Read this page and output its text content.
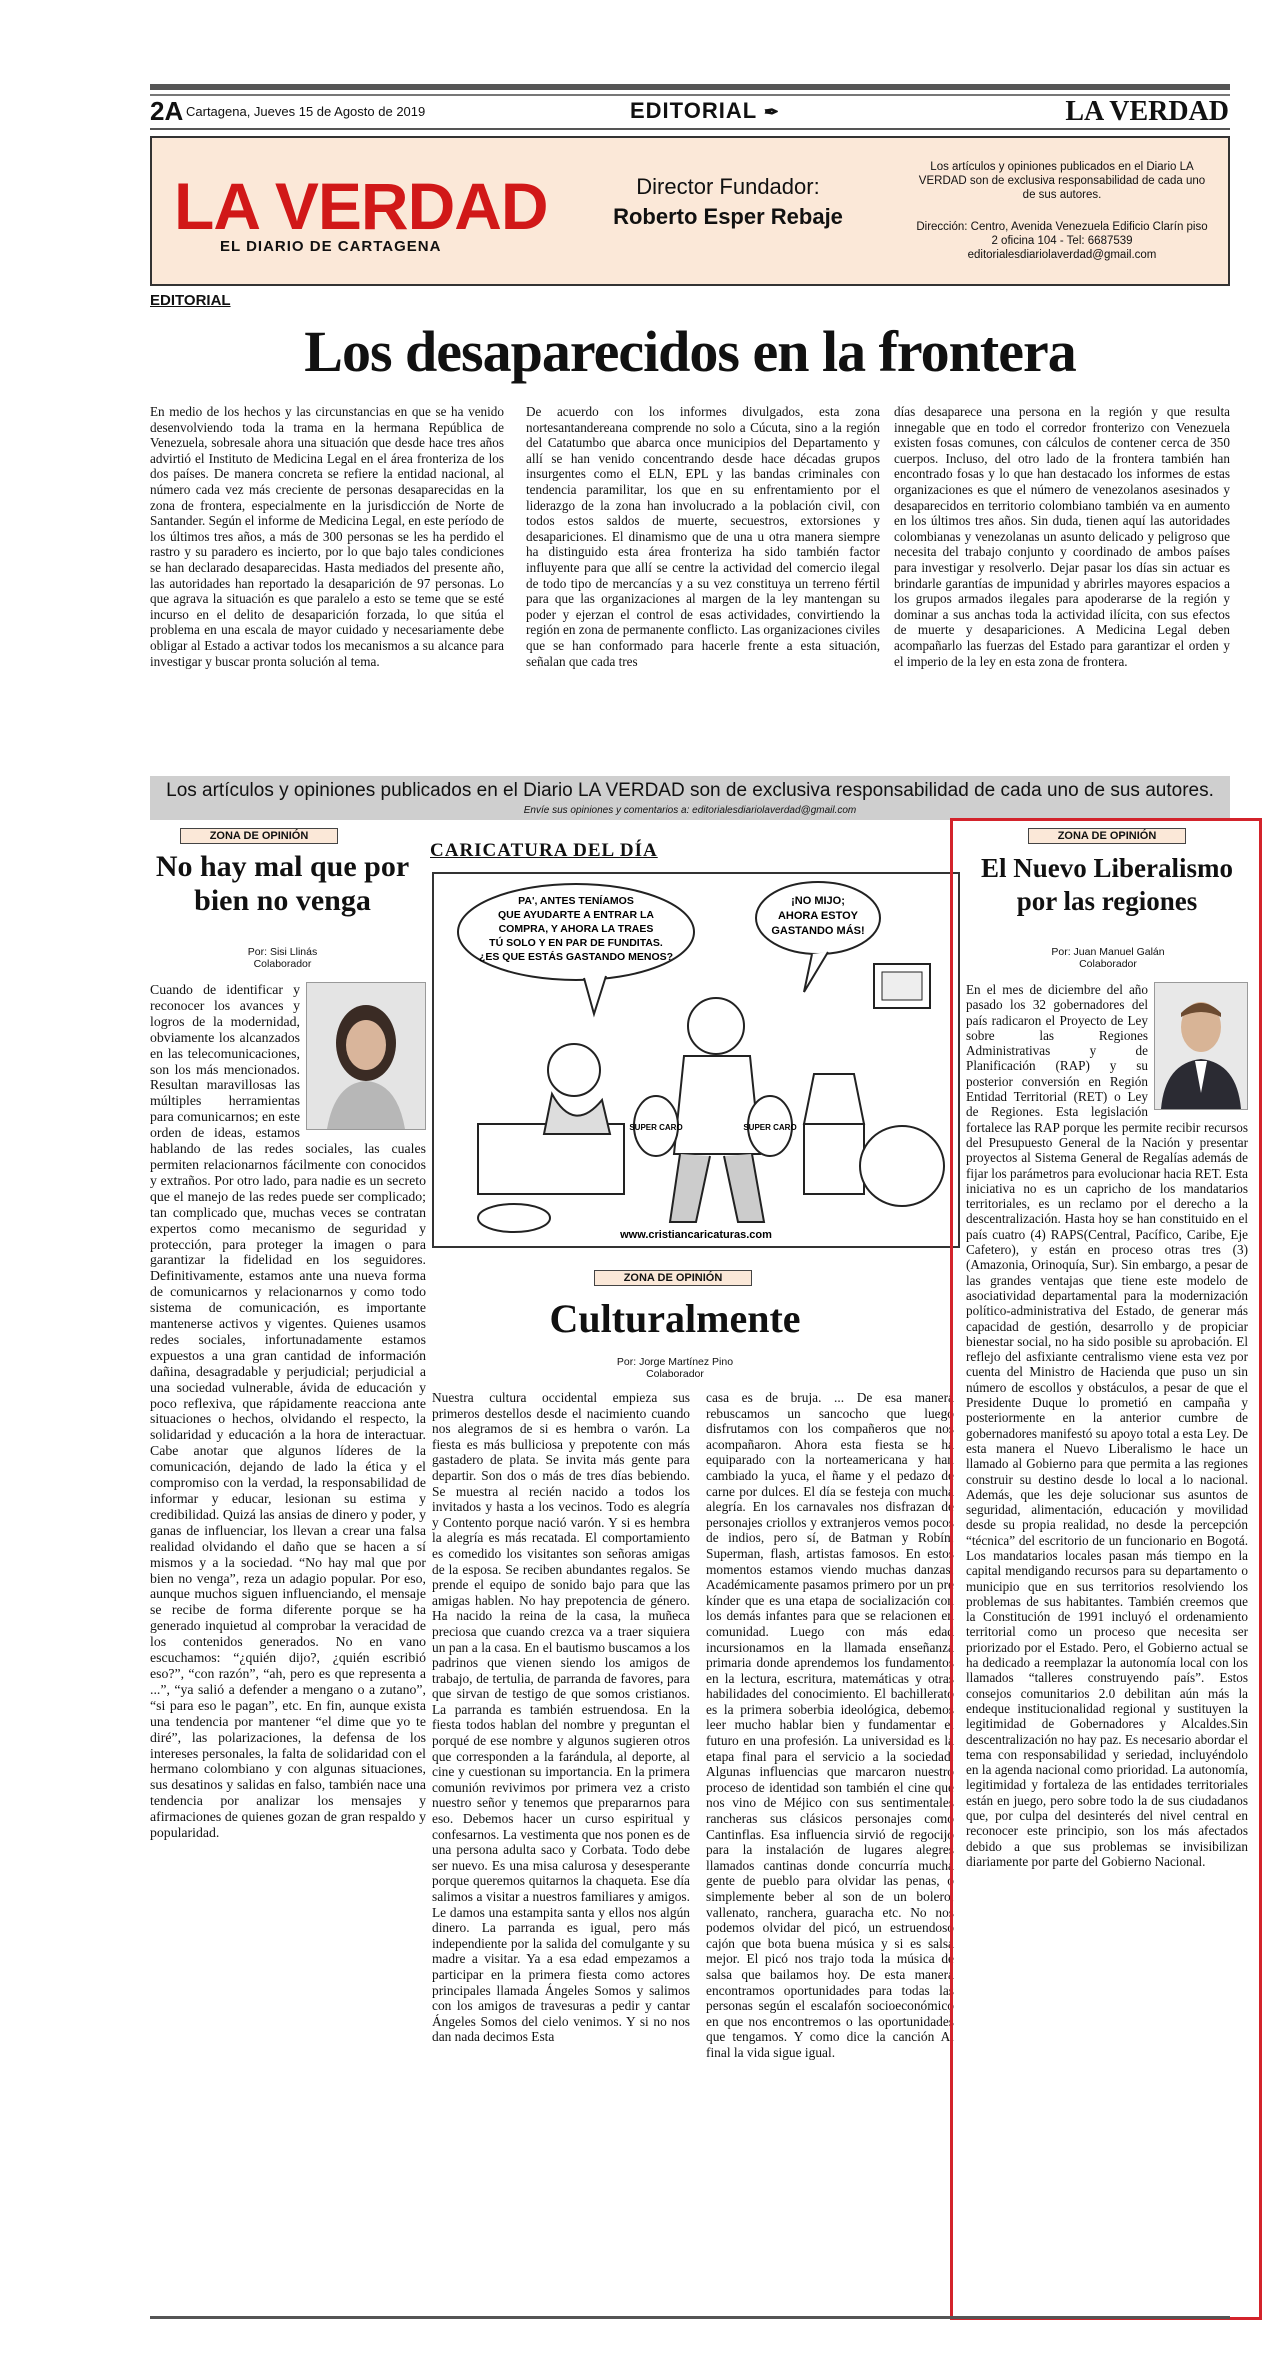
2A Cartagena, Jueves 15 de Agosto de 2019	EDITORIAL ✒	LA VERDAD
LA VERDAD
EL DIARIO DE CARTAGENA
Director Fundador:
Roberto Esper Rebaje
Los artículos y opiniones publicados en el Diario LA VERDAD son de exclusiva responsabilidad de cada uno de sus autores.
Dirección: Centro, Avenida Venezuela Edificio Clarín piso 2 oficina 104 - Tel: 6687539
editorialesdiariolaverdad@gmail.com
EDITORIAL
Los desaparecidos en la frontera
En medio de los hechos y las circunstancias en que se ha venido desenvolviendo toda la trama en la hermana República de Venezuela, sobresale ahora una situación que desde hace tres años advirtió el Instituto de Medicina Legal en el área fronteriza de los dos países. De manera concreta se refiere la entidad nacional, al número cada vez más creciente de personas desaparecidas en la zona de frontera, especialmente en la jurisdicción de Norte de Santander. Según el informe de Medicina Legal, en este período de los últimos tres años, a más de 300 personas se les ha perdido el rastro y su paradero es incierto, por lo que bajo tales condiciones se han declarado desaparecidas. Hasta mediados del presente año, las autoridades han reportado la desaparición de 97 personas. Lo que agrava la situación es que paralelo a esto se teme que se esté incurso en el delito de desaparición forzada, lo que sitúa el problema en una escala de mayor cuidado y necesariamente debe obligar al Estado a activar todos los mecanismos a su alcance para investigar y buscar pronta solución al tema.
De acuerdo con los informes divulgados, esta zona nortesantandereana comprende no solo a Cúcuta, sino a la región del Catatumbo que abarca once municipios del Departamento y allí se han venido concentrando desde hace décadas grupos insurgentes como el ELN, EPL y las bandas criminales con tendencia paramilitar, los que en su enfrentamiento por el liderazgo de la zona han involucrado a la población civil, con todos estos saldos de muerte, secuestros, extorsiones y desapariciones. El dinamismo que de una u otra manera siempre ha distinguido esta área fronteriza ha sido también factor influyente para que allí se centre la actividad del comercio ilegal de todo tipo de mercancías y a su vez constituya un terreno fértil para que las organizaciones al margen de la ley mantengan su poder y ejerzan el control de esas actividades, convirtiendo la región en zona de permanente conflicto. Las organizaciones civiles que se han conformado para hacerle frente a esta situación, señalan que cada tres
días desaparece una persona en la región y que resulta innegable que en todo el corredor fronterizo con Venezuela existen fosas comunes, con cálculos de contener cerca de 350 cuerpos. Incluso, del otro lado de la frontera también han encontrado fosas y lo que han destacado los informes de estas organizaciones es que el número de venezolanos asesinados y desaparecidos en territorio colombiano también va en aumento en los últimos tres años. Sin duda, tienen aquí las autoridades colombianas y venezolanas un asunto delicado y peligroso que necesita del trabajo conjunto y coordinado de ambos países para investigar y resolverlo. Dejar pasar los días sin actuar es brindarle garantías de impunidad y abrirles mayores espacios a los grupos armados ilegales para apoderarse de la región y dominar a sus anchas toda la actividad ilícita, con sus efectos de muerte y desapariciones. A Medicina Legal deben acompañarlo las fuerzas del Estado para garantizar el orden y el imperio de la ley en esta zona de frontera.
Los artículos y opiniones publicados en el Diario LA VERDAD son de exclusiva responsabilidad de cada uno de sus autores.
Envíe sus opiniones y comentarios a: editorialesdiariolaverdad@gmail.com
ZONA DE OPINIÓN
No hay mal que por bien no venga
Por: Sisi Llinás
Colaborador
Cuando de identificar y reconocer los avances y logros de la modernidad, obviamente los alcanzados en las telecomunicaciones, son los más mencionados. Resultan maravillosas las múltiples herramientas para comunicarnos; en este orden de ideas, estamos hablando de las redes sociales, las cuales permiten relacionarnos fácilmente con conocidos y extraños. Por otro lado, para nadie es un secreto que el manejo de las redes puede ser complicado; tan complicado que, muchas veces se contratan expertos como mecanismo de seguridad y protección, para proteger la imagen o para garantizar la fidelidad en los seguidores. Definitivamente, estamos ante una nueva forma de comunicarnos y relacionarnos y como todo sistema de comunicación, es importante mantenerse activos y vigentes. Quienes usamos redes sociales, infortunadamente estamos expuestos a una gran cantidad de información dañina, desagradable y perjudicial; perjudicial a una sociedad vulnerable, ávida de educación y poco reflexiva, que rápidamente reacciona ante situaciones o hechos, olvidando el respecto, la solidaridad y educación a la hora de interactuar. Cabe anotar que algunos líderes de la comunicación, dejando de lado la ética y el compromiso con la verdad, la responsabilidad de informar y educar, lesionan su estima y credibilidad. Quizá las ansias de dinero y poder, y ganas de influenciar, los llevan a crear una falsa realidad olvidando el daño que se hacen a sí mismos y a la sociedad. “No hay mal que por bien no venga”, reza un adagio popular. Por eso, aunque muchos siguen influenciando, el mensaje se recibe de forma diferente porque se ha generado inquietud al comprobar la veracidad de los contenidos generados. No en vano escuchamos: “¿quién dijo?, ¿quién escribió eso?”, “con razón”, “ah, pero es que representa a ...”, “ya salió a defender a mengano o a zutano”, “si para eso le pagan”, etc. En fin, aunque exista una tendencia por mantener “el dime que yo te diré”, las polarizaciones, la defensa de los intereses personales, la falta de solidaridad con el hermano colombiano y con algunas situaciones, sus desatinos y salidas en falso, también nace una tendencia por analizar los mensajes y afirmaciones de quienes gozan de gran respaldo y popularidad.
CARICATURA DEL DÍA
PA', ANTES TENÍAMOS
QUE AYUDARTE A ENTRAR LA
COMPRA, Y AHORA LA TRAES
TÚ SOLO Y EN PAR DE FUNDITAS.
¿ES QUE ESTÁS GASTANDO MENOS?
¡NO MIJO;
AHORA ESTOY
GASTANDO MÁS!
SUPER CARO	SUPER CARO
www.cristiancaricaturas.com
ZONA DE OPINIÓN
Culturalmente
Por: Jorge Martínez Pino
Colaborador
Nuestra cultura occidental empieza sus primeros destellos desde el nacimiento cuando nos alegramos de si es hembra o varón. La fiesta es más bulliciosa y prepotente con más gastadero de plata. Se invita más gente para departir. Son dos o más de tres días bebiendo. Se muestra al recién nacido a todos los invitados y hasta a los vecinos. Todo es alegría y Contento porque nació varón. Y si es hembra la alegría es más recatada. El comportamiento es comedido los visitantes son señoras amigas de la esposa. Se reciben abundantes regalos. Se prende el equipo de sonido bajo para que las amigas hablen. No hay prepotencia de género. Ha nacido la reina de la casa, la muñeca preciosa que cuando crezca va a traer siquiera un pan a la casa. En el bautismo buscamos a los padrinos que vienen siendo los amigos de trabajo, de tertulia, de parranda de favores, para que sirvan de testigo de que somos cristianos. La parranda es también estruendosa. En la fiesta todos hablan del nombre y preguntan el porqué de ese nombre y algunos sugieren otros que corresponden a la farándula, al deporte, al cine y cuestionan su importancia. En la primera comunión revivimos por primera vez a cristo nuestro señor y tenemos que prepararnos para eso. Debemos hacer un curso espiritual y confesarnos. La vestimenta que nos ponen es de una persona adulta saco y Corbata. Todo debe ser nuevo. Es una misa calurosa y desesperante porque queremos quitarnos la chaqueta. Ese día salimos a visitar a nuestros familiares y amigos. Le damos una estampita santa y ellos nos algún dinero. La parranda es igual, pero más independiente por la salida del comulgante y su madre a visitar. Ya a esa edad empezamos a participar en la primera fiesta como actores principales llamada Ángeles Somos y salimos con los amigos de travesuras a pedir y cantar Ángeles Somos del cielo venimos. Y si no nos dan nada decimos Esta
casa es de bruja. ... De esa manera rebuscamos un sancocho que luego disfrutamos con los compañeros que nos acompañaron. Ahora esta fiesta se ha equiparado con la norteamericana y han cambiado la yuca, el ñame y el pedazo de carne por dulces. El día se festeja con mucha alegría. En los carnavales nos disfrazan de personajes criollos y extranjeros vemos pocos de indios, pero sí, de Batman y Robín, Superman, flash, artistas famosos. En estos momentos estamos viendo muchas danzas. Académicamente pasamos primero por un pre kínder que es una etapa de socialización con los demás infantes para que se relacionen en comunidad. Luego con más edad incursionamos en la llamada enseñanza primaria donde aprendemos los fundamentos en la lectura, escritura, matemáticas y otras habilidades del conocimiento. El bachillerato es la primera soberbia ideológica, debemos leer mucho hablar bien y fundamentar el futuro en una profesión. La universidad es la etapa final para el servicio a la sociedad. Algunas influencias que marcaron nuestro proceso de identidad son también el cine que nos vino de Méjico con sus sentimentales rancheras sus clásicos personajes como Cantinflas. Esa influencia sirvió de regocijo para la instalación de lugares alegres llamados cantinas donde concurría mucha gente de pueblo para olvidar las penas, o simplemente beber al son de un bolero, vallenato, ranchera, guaracha etc. No nos podemos olvidar del picó, un estruendoso cajón que bota buena música y si es salsa mejor. El picó nos trajo toda la música de salsa que bailamos hoy. De esta manera encontramos oportunidades para todas las personas según el escalafón socioeconómico en que nos encontremos o las oportunidades que tengamos. Y como dice la canción Al final la vida sigue igual.
ZONA DE OPINIÓN
El Nuevo Liberalismo por las regiones
Por: Juan Manuel Galán
Colaborador
En el mes de diciembre del año pasado los 32 gobernadores del país radicaron el Proyecto de Ley sobre las Regiones Administrativas y de Planificación (RAP) y su posterior conversión en Región Entidad Territorial (RET) o Ley de Regiones. Esta legislación fortalece las RAP porque les permite recibir recursos del Presupuesto General de la Nación y presentar proyectos al Sistema General de Regalías además de fijar los parámetros para evolucionar hacia RET. Esta iniciativa no es un capricho de los mandatarios territoriales, es un reclamo por el derecho a la descentralización. Hasta hoy se han constituido en el país cuatro (4) RAPS(Central, Pacífico, Caribe, Eje Cafetero), y están en proceso otras tres (3) (Amazonia, Orinoquía, Sur). Sin embargo, a pesar de las grandes ventajas que tiene este modelo de asociatividad departamental para la modernización político-administrativa del Estado, de generar más capacidad de gestión, desarrollo y de propiciar bienestar social, no ha sido posible su aprobación. El reflejo del asfixiante centralismo viene esta vez por cuenta del Ministro de Hacienda que puso un sin número de escollos y obstáculos, a pesar de que el Presidente Duque lo prometió en campaña y posteriormente en la anterior cumbre de gobernadores manifestó su apoyo total a esta Ley. De esta manera el Nuevo Liberalismo le hace un llamado al Gobierno para que permita a las regiones construir su destino desde lo local a lo nacional. Además, que les deje solucionar sus asuntos de seguridad, alimentación, educación y movilidad desde su propia realidad, no desde la percepción “técnica” del escritorio de un funcionario en Bogotá. Los mandatarios locales pasan más tiempo en la capital mendigando recursos para su departamento o municipio que en sus territorios resolviendo los problemas de sus habitantes. También creemos que la Constitución de 1991 incluyó el ordenamiento territorial como un proceso que necesita ser priorizado por el Estado. Pero, el Gobierno actual se ha dedicado a reemplazar la autonomía local con los llamados “talleres construyendo país”. Estos consejos comunitarios 2.0 debilitan aún más la endeque institucionalidad regional y sustituyen la legitimidad de Gobernadores y Alcaldes.Sin descentralización no hay paz. Es necesario abordar el tema con responsabilidad y seriedad, incluyéndolo en la agenda nacional como prioridad. La autonomía, legitimidad y fortaleza de las entidades territoriales están en juego, pero sobre todo la de sus ciudadanos que, por culpa del desinterés del nivel central en reconocer este principio, son los más afectados debido a que sus problemas se invisibilizan diariamente por parte del Gobierno Nacional.
